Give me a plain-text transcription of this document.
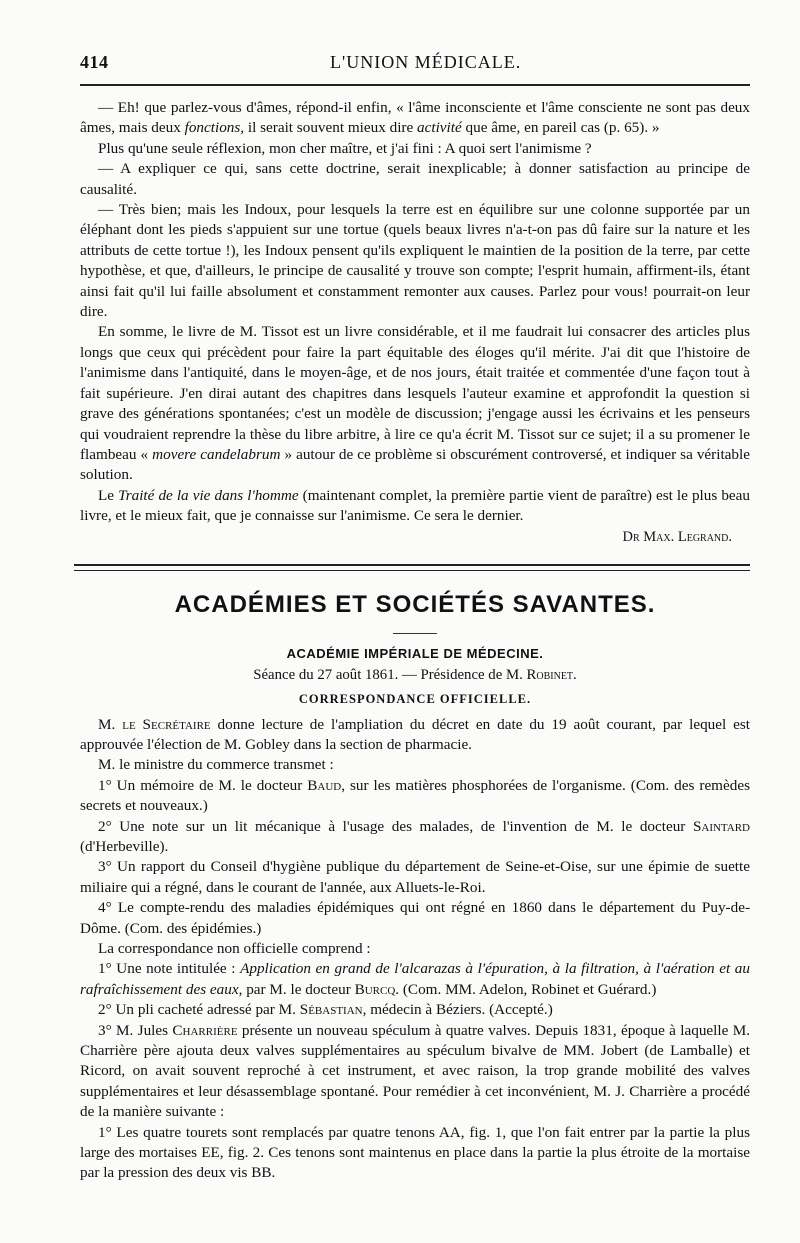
414	L'UNION MÉDICALE.

— Eh! que parlez-vous d'âmes, répond-il enfin, « l'âme inconsciente et l'âme consciente ne sont pas deux âmes, mais deux fonctions, il serait souvent mieux dire activité que âme, en pareil cas (p. 65). »

Plus qu'une seule réflexion, mon cher maître, et j'ai fini : A quoi sert l'animisme ?

— A expliquer ce qui, sans cette doctrine, serait inexplicable; à donner satisfaction au principe de causalité.

— Très bien; mais les Indoux, pour lesquels la terre est en équilibre sur une colonne supportée par un éléphant dont les pieds s'appuient sur une tortue (quels beaux livres n'a-t-on pas dû faire sur la nature et les attributs de cette tortue !), les Indoux pensent qu'ils expliquent le maintien de la position de la terre, par cette hypothèse, et que, d'ailleurs, le principe de causalité y trouve son compte; l'esprit humain, affirment-ils, étant ainsi fait qu'il lui faille absolument et constamment remonter aux causes. Parlez pour vous! pourrait-on leur dire.

En somme, le livre de M. Tissot est un livre considérable, et il me faudrait lui consacrer des articles plus longs que ceux qui précèdent pour faire la part équitable des éloges qu'il mérite. J'ai dit que l'histoire de l'animisme dans l'antiquité, dans le moyen-âge, et de nos jours, était traitée et commentée d'une façon tout à fait supérieure. J'en dirai autant des chapitres dans lesquels l'auteur examine et approfondit la question si grave des générations spontanées; c'est un modèle de discussion; j'engage aussi les écrivains et les penseurs qui voudraient reprendre la thèse du libre arbitre, à lire ce qu'a écrit M. Tissot sur ce sujet; il a su promener le flambeau « movere candelabrum » autour de ce problème si obscurément controversé, et indiquer sa véritable solution.

Le Traité de la vie dans l'homme (maintenant complet, la première partie vient de paraître) est le plus beau livre, et le mieux fait, que je connaisse sur l'animisme. Ce sera le dernier.

Dr Max. Legrand.
ACADÉMIES ET SOCIÉTÉS SAVANTES.
ACADÉMIE IMPÉRIALE DE MÉDECINE.
Séance du 27 août 1861. — Présidence de M. Robinet.
CORRESPONDANCE OFFICIELLE.

M. le Secrétaire donne lecture de l'ampliation du décret en date du 19 août courant, par lequel est approuvée l'élection de M. Gobley dans la section de pharmacie.

M. le ministre du commerce transmet :

1° Un mémoire de M. le docteur Baud, sur les matières phosphorées de l'organisme. (Com. des remèdes secrets et nouveaux.)

2° Une note sur un lit mécanique à l'usage des malades, de l'invention de M. le docteur Saintard (d'Herbeville).

3° Un rapport du Conseil d'hygiène publique du département de Seine-et-Oise, sur une épimie de suette miliaire qui a régné, dans le courant de l'année, aux Alluets-le-Roi.

4° Le compte-rendu des maladies épidémiques qui ont régné en 1860 dans le département du Puy-de-Dôme. (Com. des épidémies.)

La correspondance non officielle comprend :

1° Une note intitulée : Application en grand de l'alcarazas à l'épuration, à la filtration, à l'aération et au rafraîchissement des eaux, par M. le docteur Burcq. (Com. MM. Adelon, Robinet et Guérard.)

2° Un pli cacheté adressé par M. Sébastian, médecin à Béziers. (Accepté.)

3° M. Jules Charrière présente un nouveau spéculum à quatre valves. Depuis 1831, époque à laquelle M. Charrière père ajouta deux valves supplémentaires au spéculum bivalve de MM. Jobert (de Lamballe) et Ricord, on avait souvent reproché à cet instrument, et avec raison, la trop grande mobilité des valves supplémentaires et leur désassemblage spontané. Pour remédier à cet inconvénient, M. J. Charrière a procédé de la manière suivante :

1° Les quatre tourets sont remplacés par quatre tenons AA, fig. 1, que l'on fait entrer par la partie la plus large des mortaises EE, fig. 2. Ces tenons sont maintenus en place dans la partie la plus étroite de la mortaise par la pression des deux vis BB.
